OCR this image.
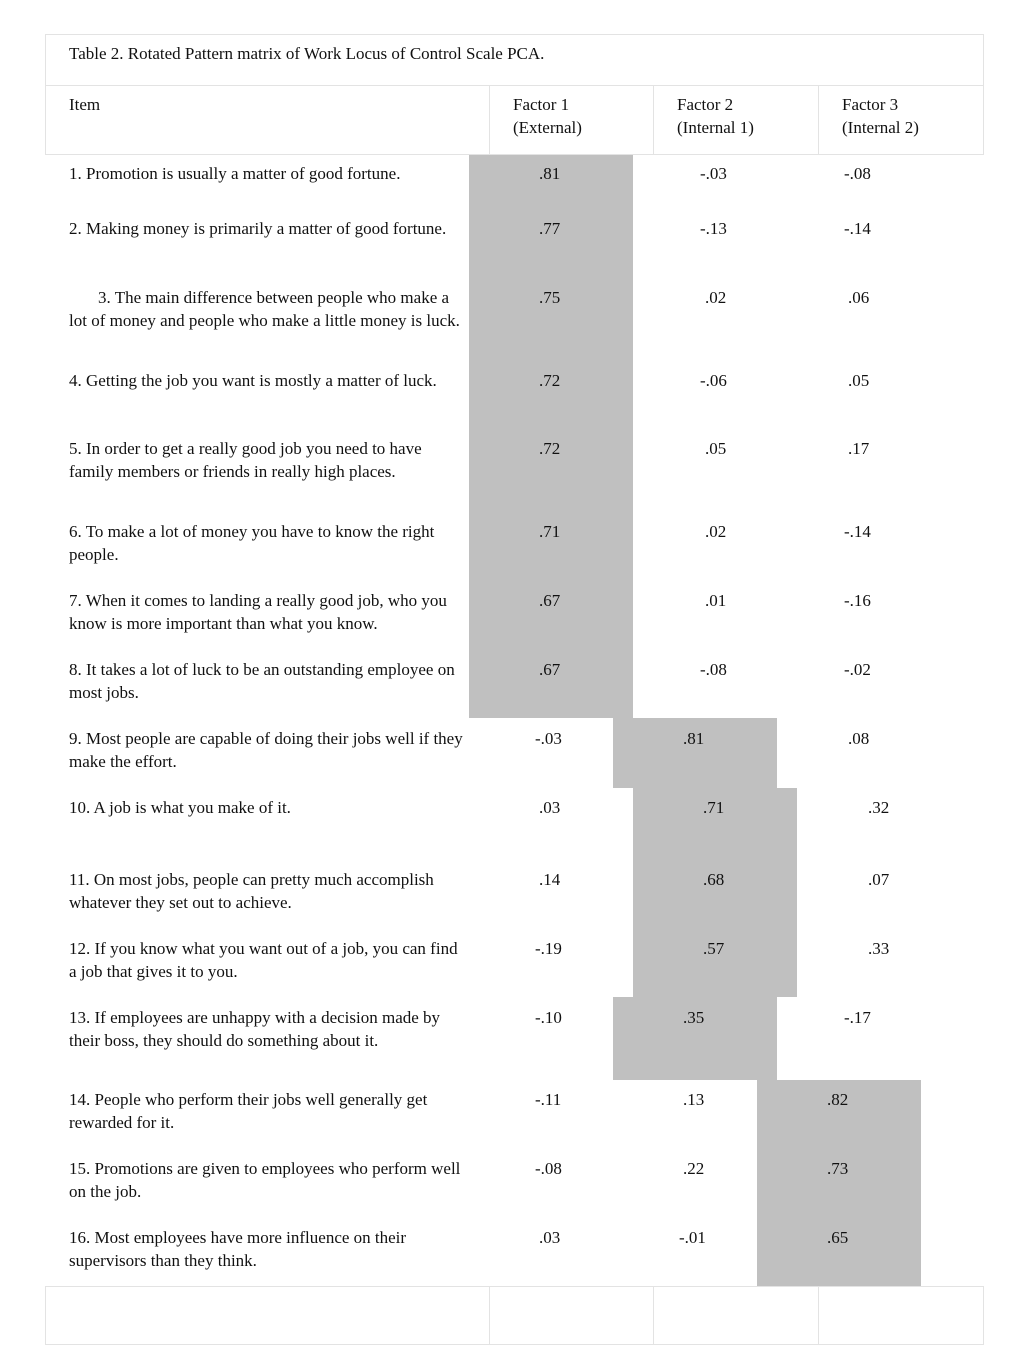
Table 2. Rotated Pattern matrix of Work Locus of Control Scale PCA.
Item	Factor 1
(External)
Factor 2
(Internal 1)
Factor 3
(Internal 2)
1. Promotion is usually a matter of good fortune.	.81	-.03	-.08
2. Making money is primarily a matter of good fortune.	.77	-.13	-.14
3. The main difference between people who make a lot of money and people who make a little money is luck.
.75	.02	.06
4. Getting the job you want is mostly a matter of luck.	.72	-.06	.05
5. In order to get a really good job you need to have family members or friends in really high places.
.72	.05	.17
6. To make a lot of money you have to know the right people.
.71	.02	-.14
7. When it comes to landing a really good job, who you know is more important than what you know.
.67	.01	-.16
8. It takes a lot of luck to be an outstanding employee on most jobs.
.67	-.08	-.02
9. Most people are capable of doing their jobs well if they make the effort.
-.03	.81	.08
10. A job is what you make of it.	.03	.71	.32
11. On most jobs, people can pretty much accomplish whatever they set out to achieve.
.14	.68	.07
12. If you know what you want out of a job, you can find a job that gives it to you.
-.19	.57	.33
13. If employees are unhappy with a decision made by their boss, they should do something about it.
-.10	.35	-.17
14. People who perform their jobs well generally get rewarded for it.
-.11	.13	.82
15. Promotions are given to employees who perform well on the job.
-.08	.22	.73
16. Most employees have more influence on their supervisors than they think.
.03	-.01	.65
